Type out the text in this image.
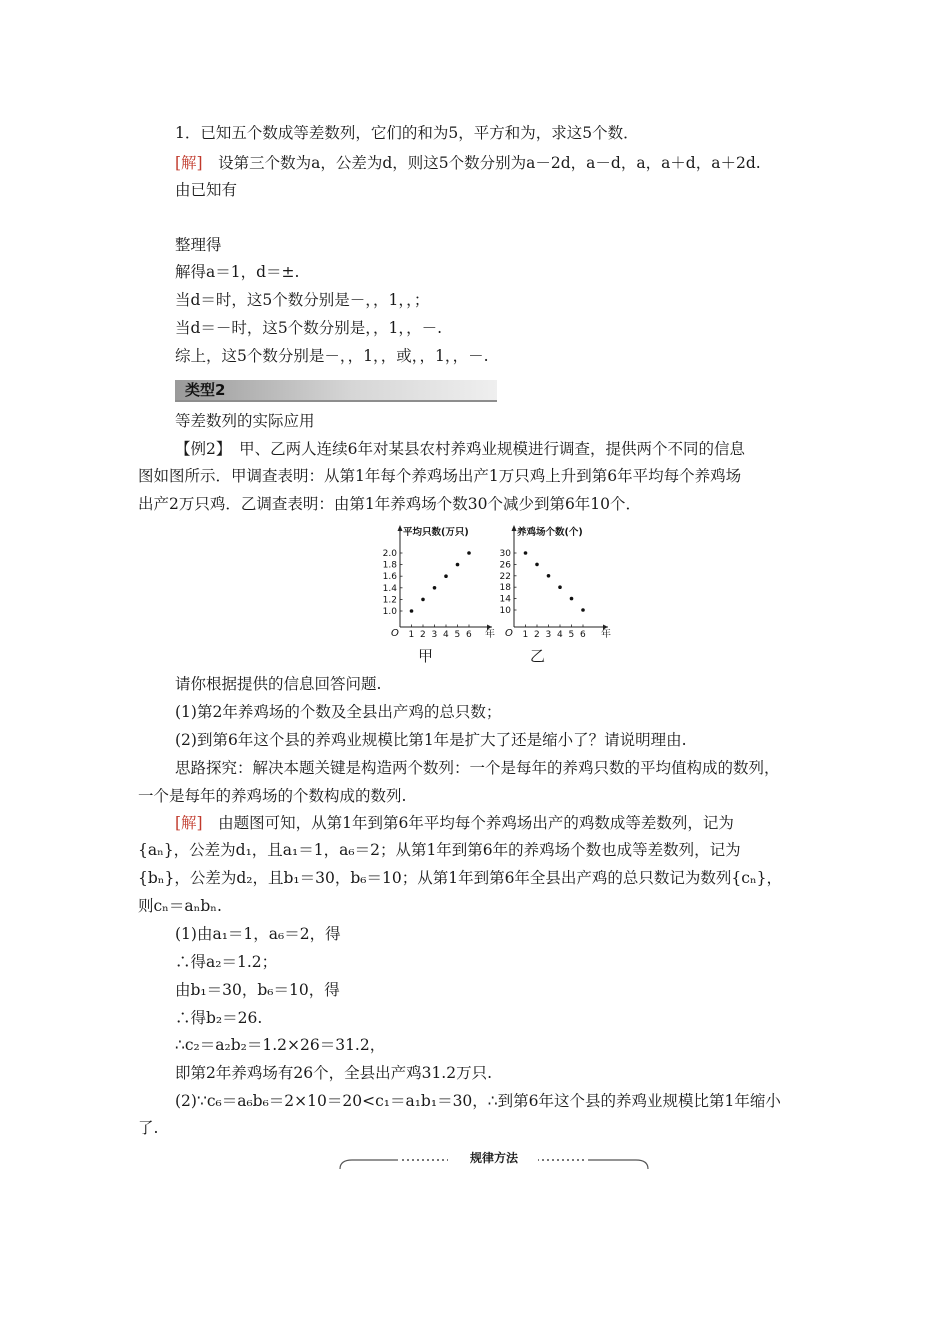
1．已知五个数成等差数列，它们的和为5，平方和为，求这5个数．
[解]　设第三个数为a，公差为d，则这5个数分别为a－2d，a－d，a，a＋d，a＋2d.
由已知有
整理得
解得a＝1，d＝±.
当d＝时，这5个数分别是－，，1，，；
当d＝－时，这5个数分别是，，1，，－.
综上，这5个数分别是－，，1，，或，，1，，－.
类型2
等差数列的实际应用
【例2】　甲、乙两人连续6年对某县农村养鸡业规模进行调查，提供两个不同的信息
图如图所示．甲调查表明：从第1年每个养鸡场出产1万只鸡上升到第6年平均每个养鸡场
出产2万只鸡．乙调查表明：由第1年养鸡场个数30个减少到第6年10个．
平均只数(万只)
O	年
1 2 3 4 5 6
1.0
1.2
1.4
1.6
1.8
2.0
养鸡场个数(个)
O	年
1 2 3 4 5 6
10
14
18
22
26
30
甲	乙
请你根据提供的信息回答问题.
(1)第2年养鸡场的个数及全县出产鸡的总只数；
(2)到第6年这个县的养鸡业规模比第1年是扩大了还是缩小了？请说明理由.
思路探究：解决本题关键是构造两个数列：一个是每年的养鸡只数的平均值构成的数列，
一个是每年的养鸡场的个数构成的数列.
[解]　由题图可知，从第1年到第6年平均每个养鸡场出产的鸡数成等差数列，记为
{aₙ}，公差为d₁，且a₁＝1，a₆＝2；从第1年到第6年的养鸡场个数也成等差数列，记为
{bₙ}，公差为d₂，且b₁＝30，b₆＝10；从第1年到第6年全县出产鸡的总只数记为数列{cₙ}，
则cₙ＝aₙbₙ.
(1)由a₁＝1，a₆＝2，得
∴得a₂＝1.2；
由b₁＝30，b₆＝10，得
∴得b₂＝26.
∴c₂＝a₂b₂＝1.2×26＝31.2，
即第2年养鸡场有26个，全县出产鸡31.2万只.
(2)∵c₆＝a₆b₆＝2×10＝20<c₁＝a₁b₁＝30，∴到第6年这个县的养鸡业规模比第1年缩小
了.
规律方法
